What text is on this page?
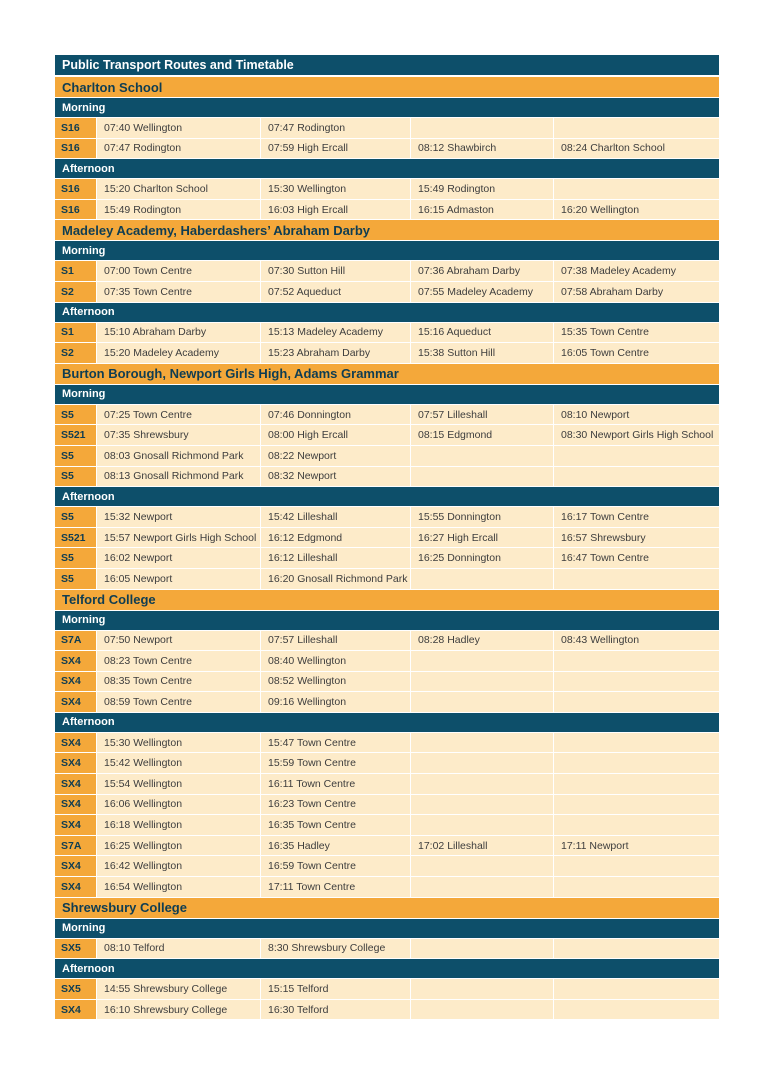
Public Transport Routes and Timetable
Charlton School
Morning
S16	07:40 Wellington	07:47 Rodington
S16	07:47 Rodington	07:59 High Ercall	08:12 Shawbirch	08:24 Charlton School
Afternoon
S16	15:20 Charlton School	15:30 Wellington	15:49 Rodington
S16	15:49 Rodington	16:03 High Ercall	16:15 Admaston	16:20 Wellington
Madeley Academy, Haberdashers’ Abraham Darby
Morning
S1	07:00 Town Centre	07:30 Sutton Hill	07:36 Abraham Darby	07:38 Madeley Academy
S2	07:35 Town Centre	07:52 Aqueduct	07:55 Madeley Academy	07:58 Abraham Darby
Afternoon
S1	15:10 Abraham Darby	15:13 Madeley Academy	15:16 Aqueduct	15:35 Town Centre
S2	15:20 Madeley Academy	15:23 Abraham Darby	15:38 Sutton Hill	16:05 Town Centre
Burton Borough, Newport Girls High, Adams Grammar
Morning
S5	07:25 Town Centre	07:46 Donnington	07:57 Lilleshall	08:10 Newport
S521	07:35 Shrewsbury	08:00 High Ercall	08:15 Edgmond	08:30 Newport Girls High School
S5	08:03 Gnosall Richmond Park	08:22 Newport
S5	08:13 Gnosall Richmond Park	08:32 Newport
Afternoon
S5	15:32 Newport	15:42 Lilleshall	15:55 Donnington	16:17 Town Centre
S521	15:57 Newport Girls High School	16:12 Edgmond	16:27 High Ercall	16:57 Shrewsbury
S5	16:02 Newport	16:12 Lilleshall	16:25 Donnington	16:47 Town Centre
S5	16:05 Newport	16:20 Gnosall Richmond Park
Telford College
Morning
S7A	07:50 Newport	07:57 Lilleshall	08:28 Hadley	08:43 Wellington
SX4	08:23 Town Centre	08:40 Wellington
SX4	08:35 Town Centre	08:52 Wellington
SX4	08:59 Town Centre	09:16 Wellington
Afternoon
SX4	15:30 Wellington	15:47 Town Centre
SX4	15:42 Wellington	15:59 Town Centre
SX4	15:54 Wellington	16:11 Town Centre
SX4	16:06 Wellington	16:23 Town Centre
SX4	16:18 Wellington	16:35 Town Centre
S7A	16:25 Wellington	16:35 Hadley	17:02 Lilleshall	17:11 Newport
SX4	16:42 Wellington	16:59 Town Centre
SX4	16:54 Wellington	17:11 Town Centre
Shrewsbury College
Morning
SX5	08:10 Telford	8:30 Shrewsbury College
Afternoon
SX5	14:55 Shrewsbury College	15:15 Telford
SX4	16:10 Shrewsbury College	16:30 Telford
